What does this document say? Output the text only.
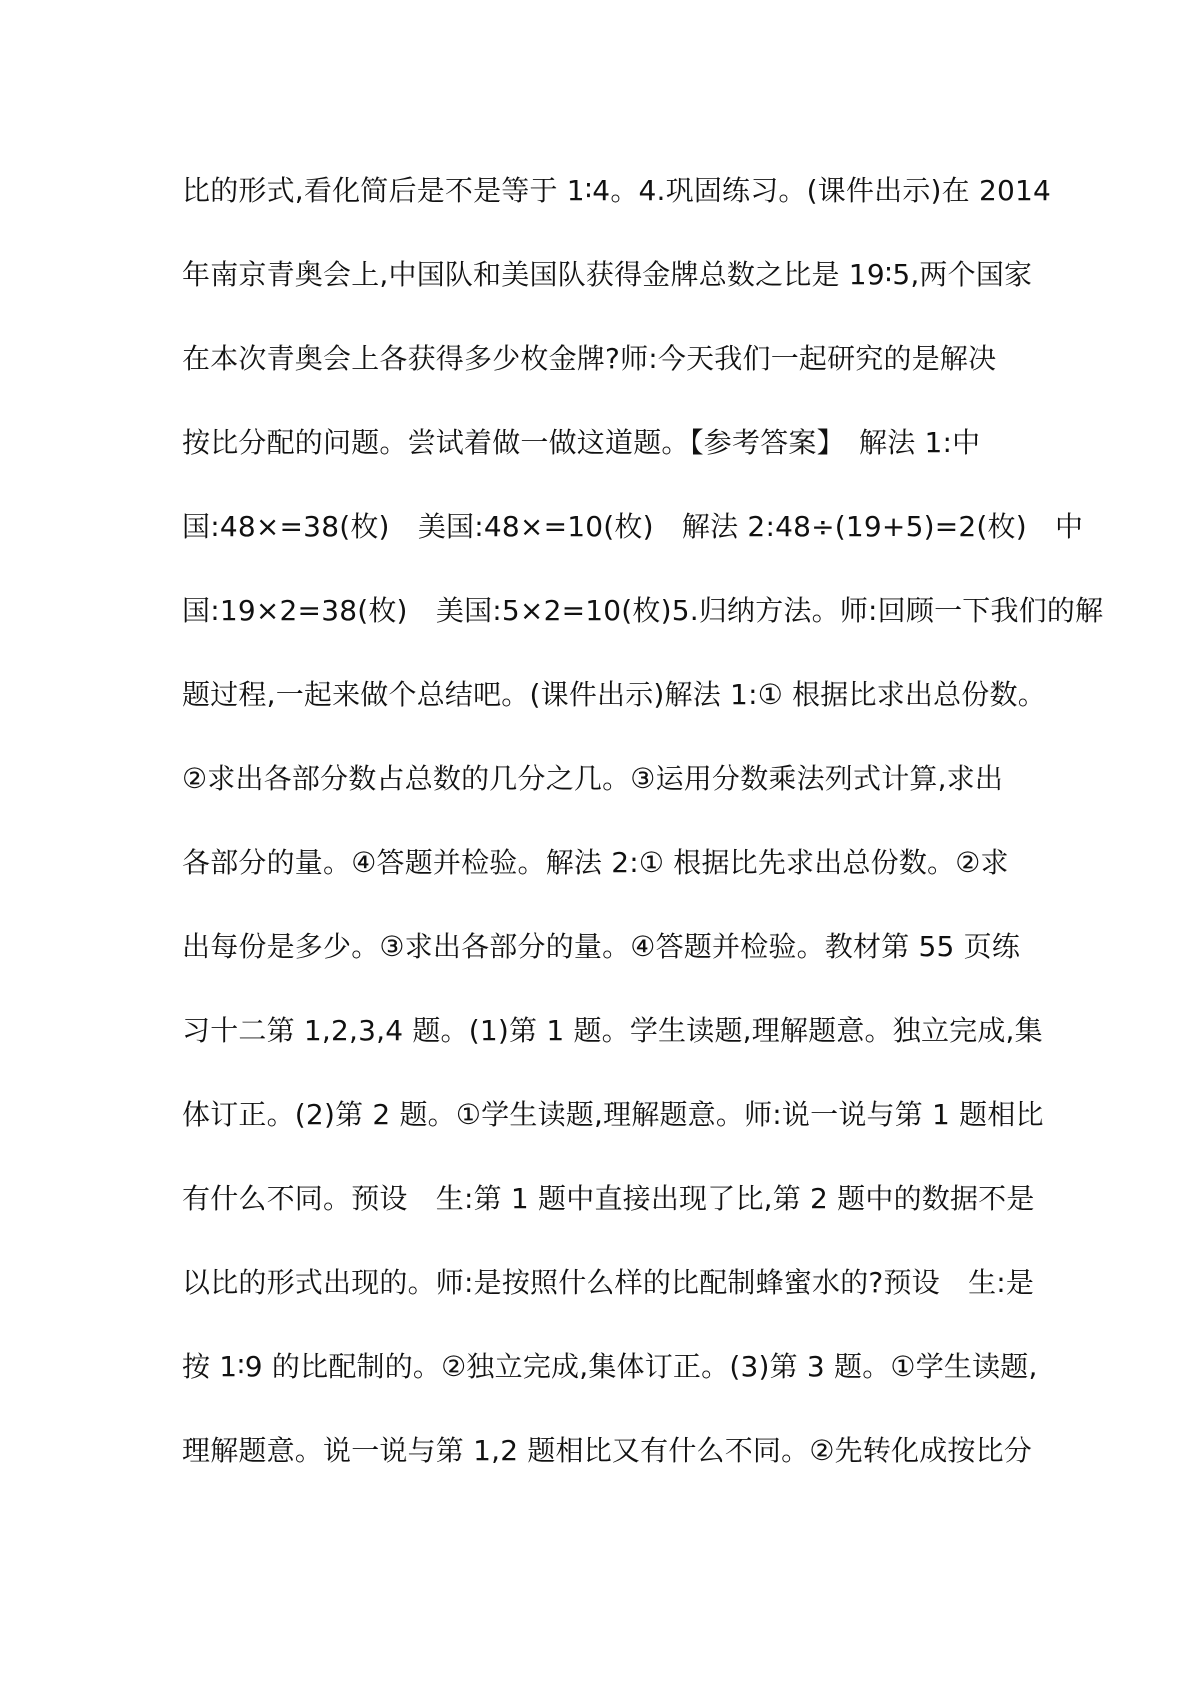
比的形式,看化简后是不是等于 1∶4。4.巩固练习。(课件出示)在 2014
年南京青奥会上,中国队和美国队获得金牌总数之比是 19∶5,两个国家
在本次青奥会上各获得多少枚金牌?师:今天我们一起研究的是解决
按比分配的问题。尝试着做一做这道题。【参考答案】　解法 1:中
国:48×=38(枚)　美国:48×=10(枚)　解法 2:48÷(19+5)=2(枚)　中
国:19×2=38(枚)　美国:5×2=10(枚)5.归纳方法。师:回顾一下我们的解
题过程,一起来做个总结吧。(课件出示)解法 1:① 根据比求出总份数。
②求出各部分数占总数的几分之几。③运用分数乘法列式计算,求出
各部分的量。④答题并检验。解法 2:① 根据比先求出总份数。②求
出每份是多少。③求出各部分的量。④答题并检验。教材第 55 页练
习十二第 1,2,3,4 题。(1)第 1 题。学生读题,理解题意。独立完成,集
体订正。(2)第 2 题。①学生读题,理解题意。师:说一说与第 1 题相比
有什么不同。预设　生:第 1 题中直接出现了比,第 2 题中的数据不是
以比的形式出现的。师:是按照什么样的比配制蜂蜜水的?预设　生:是
按 1∶9 的比配制的。②独立完成,集体订正。(3)第 3 题。①学生读题,
理解题意。说一说与第 1,2 题相比又有什么不同。②先转化成按比分
